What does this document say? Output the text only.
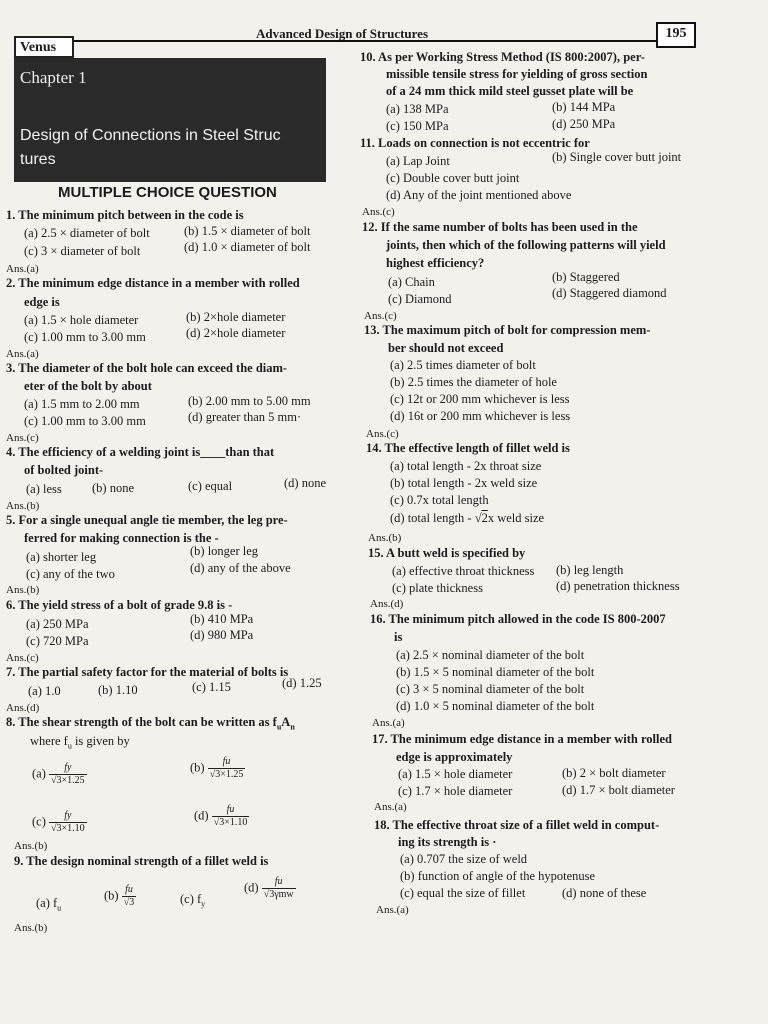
Venus
Advanced Design of Structures	195
Chapter 1
Design of Connections in Steel Struc
tures
MULTIPLE CHOICE QUESTION
1. The minimum pitch between in the code is
(a) 2.5 × diameter of bolt	(b) 1.5 × diameter of bolt
(c) 3 × diameter of bolt	(d) 1.0 × diameter of bolt
Ans.(a)
2. The minimum edge distance in a member with rolled
edge is
(a) 1.5 × hole diameter	(b) 2×hole diameter
(c) 1.00 mm to 3.00 mm	(d) 2×hole diameter
Ans.(a)
3. The diameter of the bolt hole can exceed the diam-
eter of the bolt by about
(a) 1.5 mm to 2.00 mm	(b) 2.00 mm to 5.00 mm
(c) 1.00 mm to 3.00 mm	(d) greater than 5 mm·
Ans.(c)
4. The efficiency of a welding joint is____than that
of bolted joint-
(a) less (b) none	(c) equal	(d) none
Ans.(b)
5. For a single unequal angle tie member, the leg pre-
ferred for making connection is the -
(a) shorter leg	(b) longer leg
(c) any of the two	(d) any of the above
Ans.(b)
6. The yield stress of a bolt of grade 9.8 is -
(a) 250 MPa	(b) 410 MPa
(c) 720 MPa	(d) 980 MPa
Ans.(c)
7. The partial safety factor for the material of bolts is
(a) 1.0	(b) 1.10	(c) 1.15	(d) 1.25
Ans.(d)
8. The shear strength of the bolt can be written as $f_uA_n$
where $f_u$ is given by
$(a) \frac{fy}{√3\times 1.25}$	$(b) \frac{fu}{√3\times 1.25}$
$(c) \frac{fy}{√3\times 1.10}$	$(d) \frac{fu}{√3\times 1.10}$
Ans.(b)
9. The design nominal strength of a fillet weld is
(a) $f_u$
$(b) \frac{fu}{√3}$	(c) $f_y$
$(d) \frac{fu}{\text{√3γmw}}$
Ans.(b)
10. As per Working Stress Method (IS 800:2007), per-
missible tensile stress for yielding of gross section
of a 24 mm thick mild steel gusset plate will be
(a) 138 MPa	(b) 144 MPa
(c) 150 MPa	(d) 250 MPa
11. Loads on connection is not eccentric for
(a) Lap Joint	(b) Single cover butt joint
(c) Double cover butt joint
(d) Any of the joint mentioned above
Ans.(c)
12. If the same number of bolts has been used in the
joints, then which of the following patterns will yield
highest efficiency?
(a) Chain	(b) Staggered
(c) Diamond	(d) Staggered diamond
Ans.(c)
13. The maximum pitch of bolt for compression mem-
ber should not exceed
(a) 2.5 times diameter of bolt
(b) 2.5 times the diameter of hole
(c) 12t or 200 mm whichever is less
(d) 16t or 200 mm whichever is less
Ans.(c)
14. The effective length of fillet weld is
(a) total length - 2x throat size
(b) total length - 2x weld size
(c) 0.7x total length
(d) total length - √2x weld size
Ans.(b)
15. A butt weld is specified by
(a) effective throat thickness (b) leg length
(c) plate thickness	(d) penetration thickness
Ans.(d)
16. The minimum pitch allowed in the code IS 800-2007
is
(a) 2.5 × nominal diameter of the bolt
(b) 1.5 × 5 nominal diameter of the bolt
(c) 3 × 5 nominal diameter of the bolt
(d) 1.0 × 5 nominal diameter of the bolt
Ans.(a)
17. The minimum edge distance in a member with rolled
edge is approximately
(a) 1.5 × hole diameter	(b) 2 × bolt diameter
(c) 1.7 × hole diameter	(d) 1.7 × bolt diameter
Ans.(a)
18. The effective throat size of a fillet weld in comput-
ing its strength is ·
(a) 0.707 the size of weld
(b) function of angle of the hypotenuse
(c) equal the size of fillet	(d) none of these
Ans.(a)
